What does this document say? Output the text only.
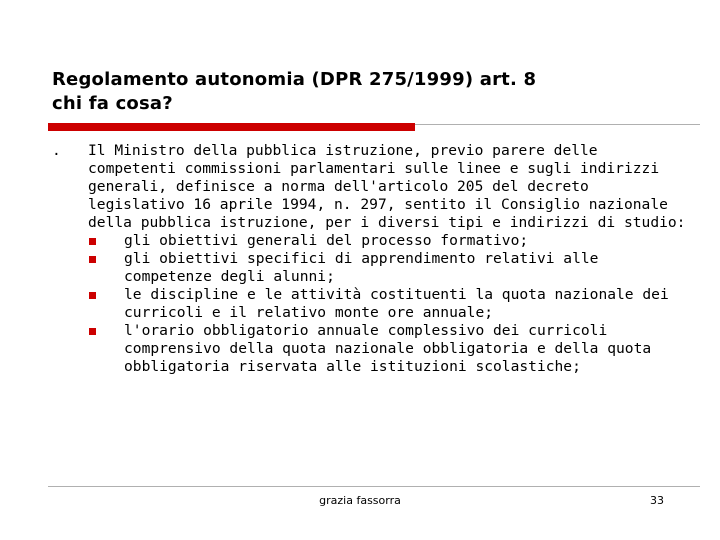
Regolamento autonomia (DPR 275/1999) art. 8
chi fa cosa?

. Il Ministro della pubblica istruzione, previo parere delle competenti commissioni parlamentari sulle linee e sugli indirizzi generali, definisce a norma dell'articolo 205 del decreto legislativo 16 aprile 1994, n. 297, sentito il Consiglio nazionale della pubblica istruzione, per i diversi tipi e indirizzi di studio:

gli obiettivi generali del processo formativo;
gli obiettivi specifici di apprendimento relativi alle competenze degli alunni;
le discipline e le attività costituenti la quota nazionale dei curricoli e il relativo monte ore annuale;
l'orario obbligatorio annuale complessivo dei curricoli comprensivo della quota nazionale obbligatoria e della quota obbligatoria riservata alle istituzioni scolastiche;
grazia fassorra	33
